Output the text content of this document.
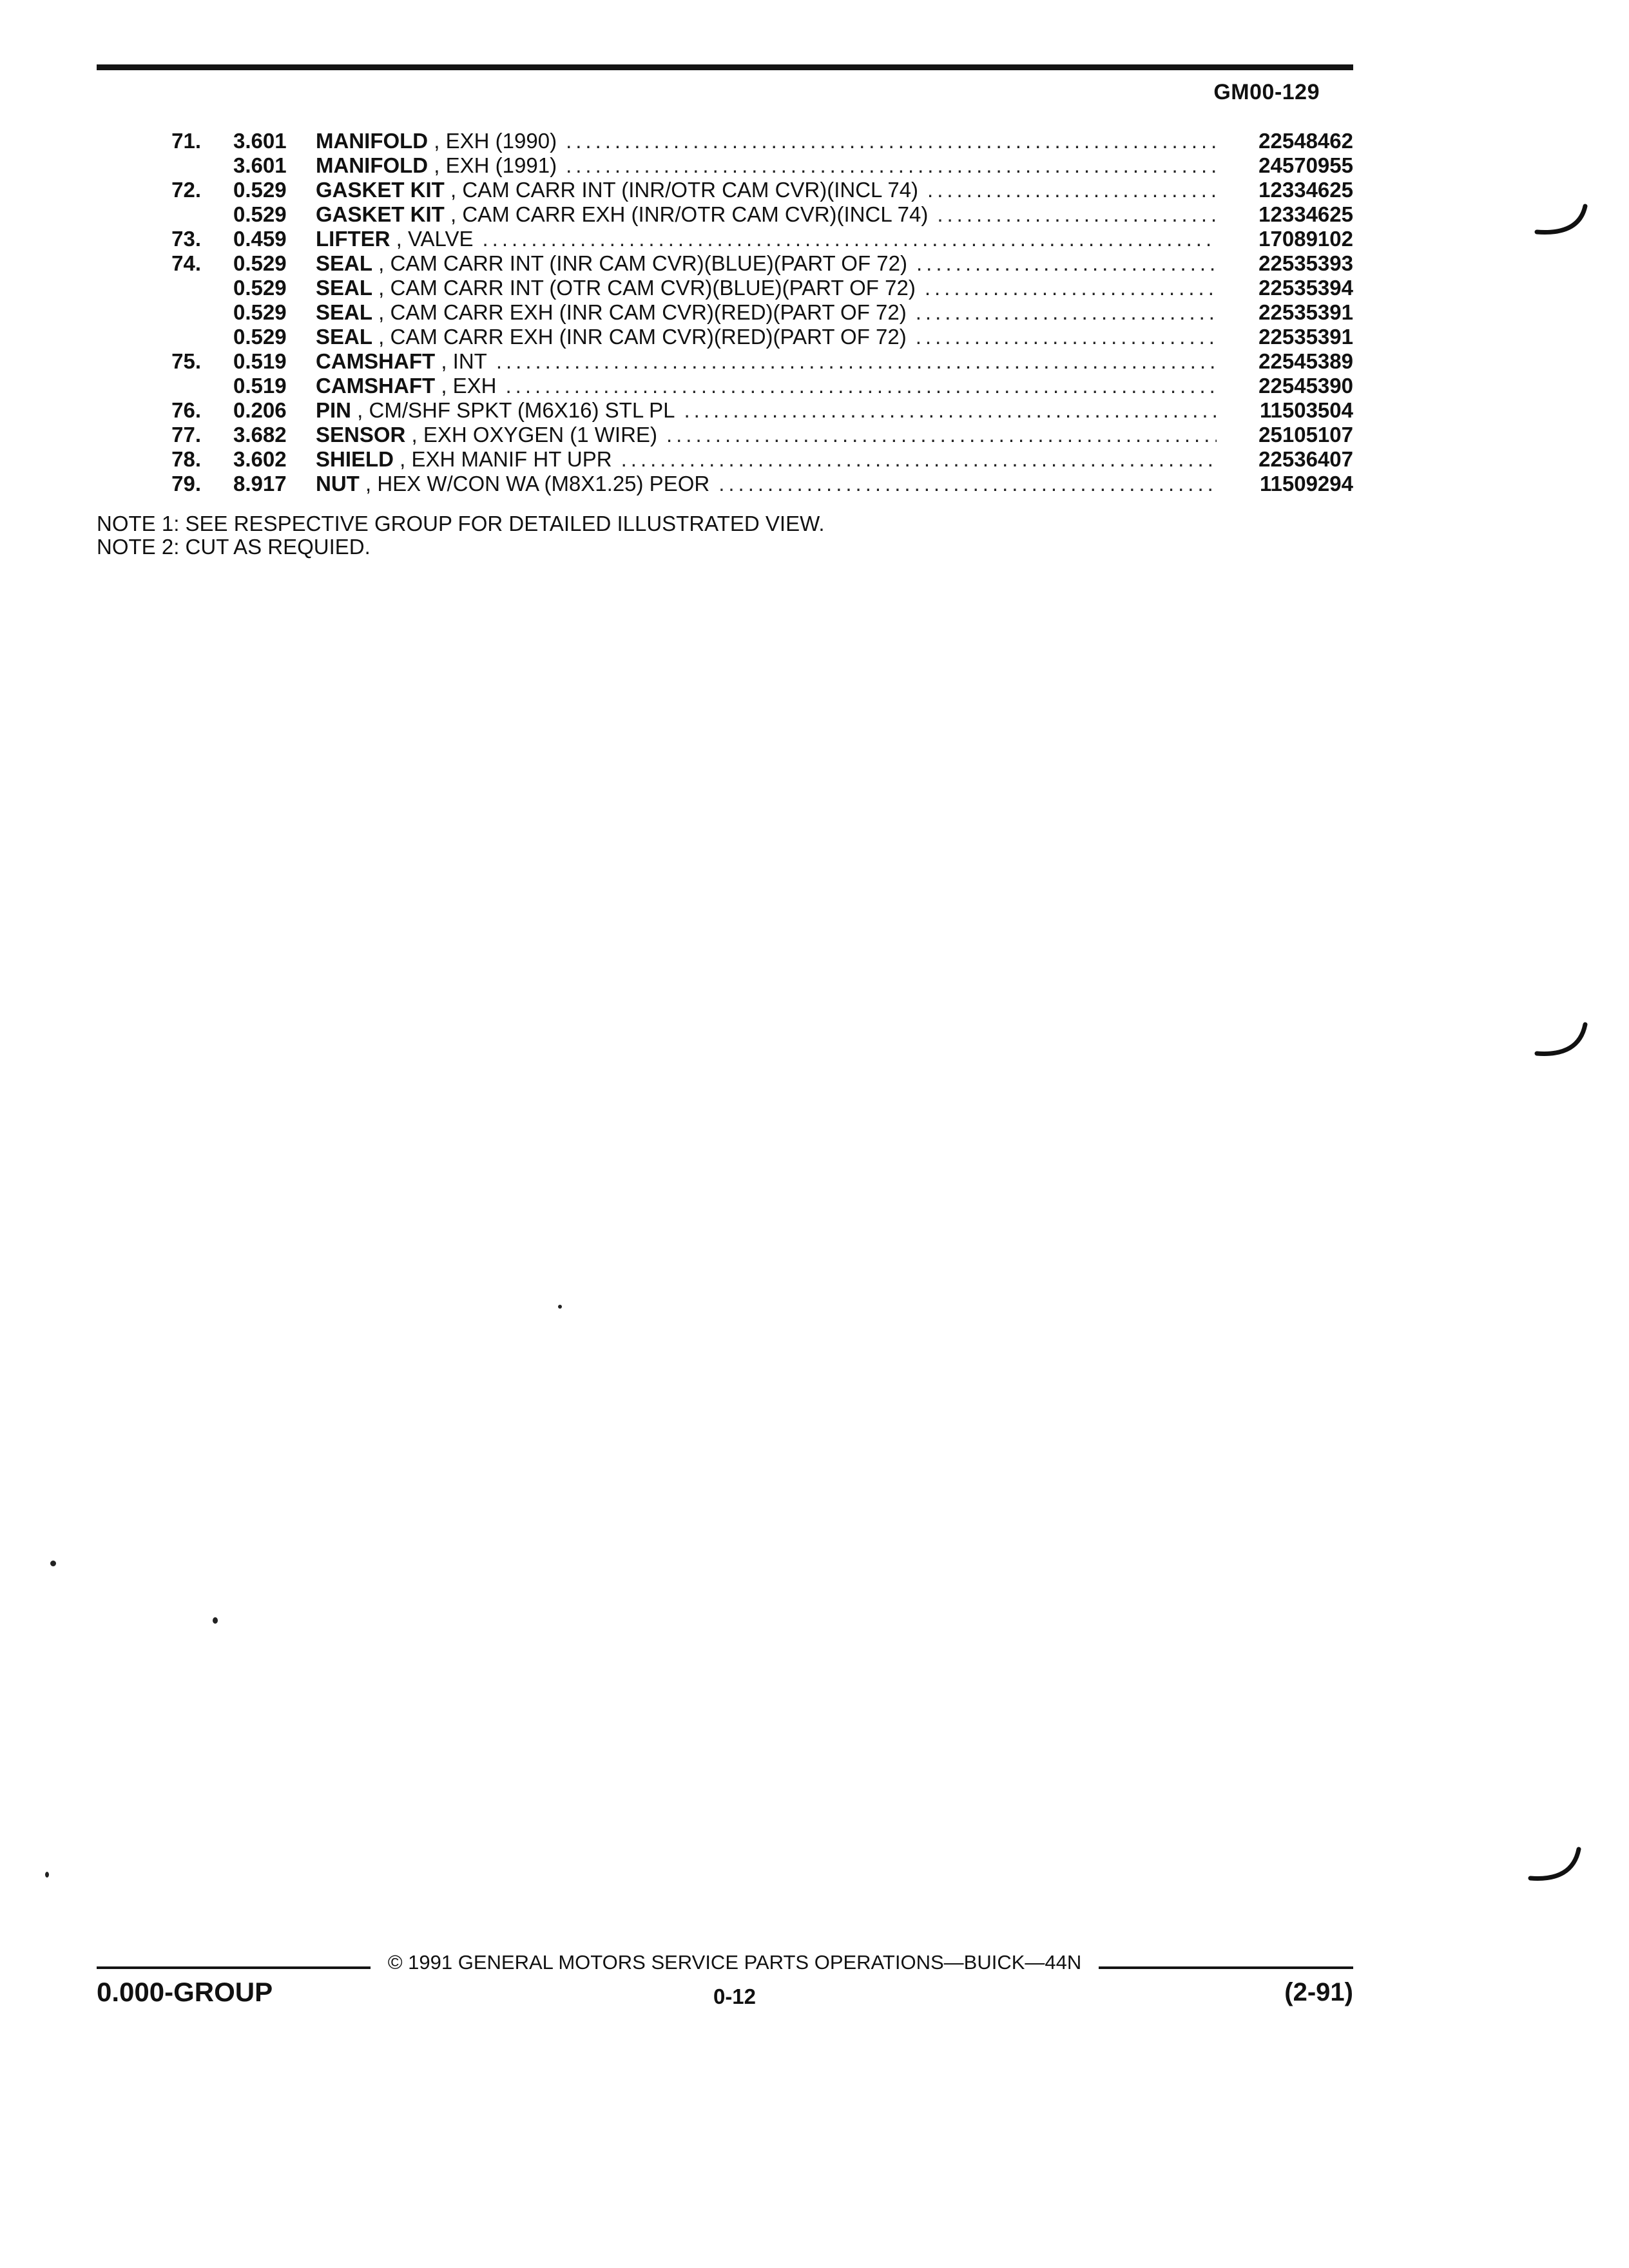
GM00-129
71. 3.601	MANIFOLD , EXH (1990) .....	22548462
3.601	MANIFOLD , EXH (1991) .....	24570955
72. 0.529	GASKET KIT , CAM CARR INT (INR/OTR CAM CVR)(INCL 74) .....	12334625
0.529	GASKET KIT , CAM CARR EXH (INR/OTR CAM CVR)(INCL 74) .....	12334625
73. 0.459	LIFTER , VALVE .....	17089102
74. 0.529	SEAL , CAM CARR INT (INR CAM CVR)(BLUE)(PART OF 72) .....	22535393
0.529	SEAL , CAM CARR INT (OTR CAM CVR)(BLUE)(PART OF 72) .....	22535394
0.529	SEAL , CAM CARR EXH (INR CAM CVR)(RED)(PART OF 72) .....	22535391
0.529	SEAL , CAM CARR EXH (INR CAM CVR)(RED)(PART OF 72) .....	22535391
75. 0.519	CAMSHAFT , INT .....	22545389
0.519	CAMSHAFT , EXH .....	22545390
76. 0.206	PIN , CM/SHF SPKT (M6X16) STL PL .....	11503504
77. 3.682	SENSOR , EXH OXYGEN (1 WIRE) .....	25105107
78. 3.602	SHIELD , EXH MANIF HT UPR .....	22536407
79. 8.917	NUT , HEX W/CON WA (M8X1.25) PEOR .....	11509294
NOTE 1: SEE RESPECTIVE GROUP FOR DETAILED ILLUSTRATED VIEW.
NOTE 2: CUT AS REQUIED.
© 1991 GENERAL MOTORS SERVICE PARTS OPERATIONS—BUICK—44N
0.000-GROUP	0-12	(2-91)
